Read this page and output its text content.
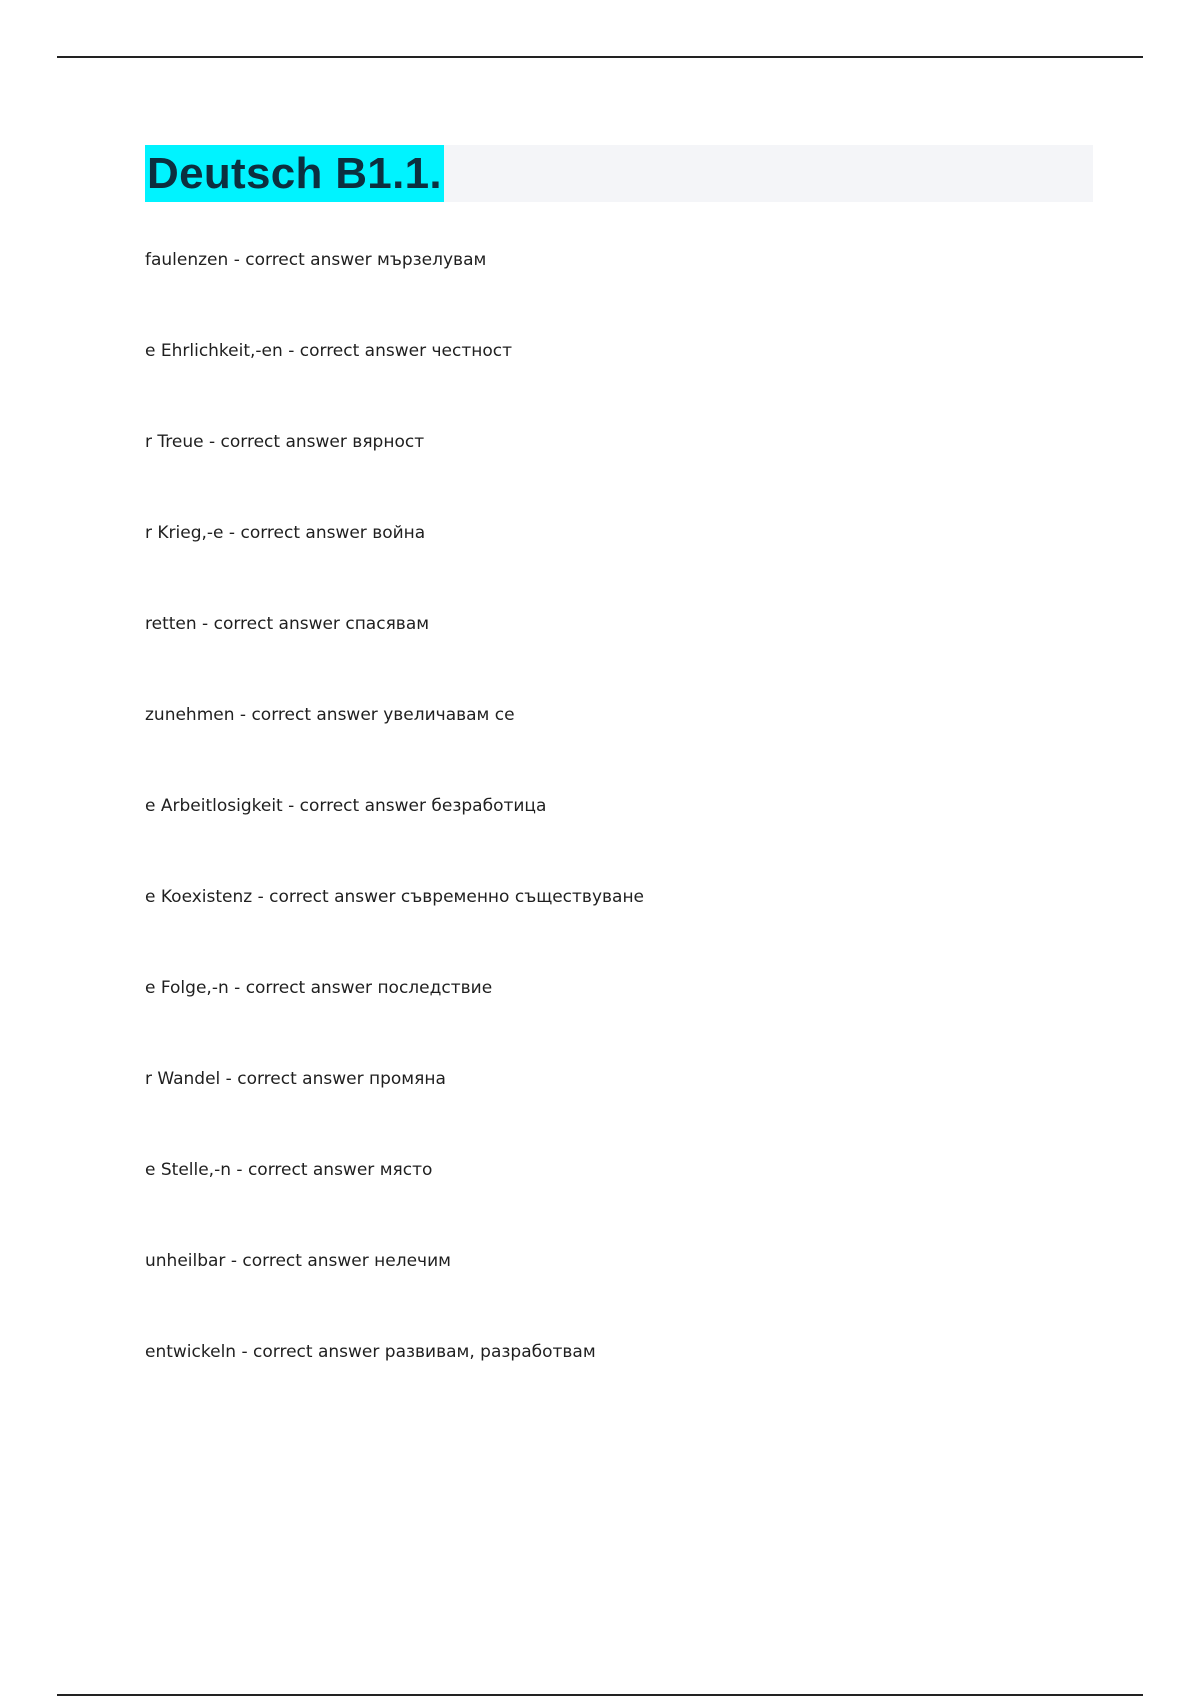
Deutsch B1.1.
faulenzen - correct answer мързелувам
e Ehrlichkeit,-en - correct answer честност
r Treue - correct answer вярност
r Krieg,-e - correct answer война
retten - correct answer спасявам
zunehmen - correct answer увеличавам се
e Arbeitlosigkeit - correct answer безработица
e Koexistenz - correct answer съвременно съществуване
e Folge,-n - correct answer последствие
r Wandel - correct answer промяна
e Stelle,-n - correct answer място
unheilbar - correct answer нелечим
entwickeln - correct answer развивам, разработвам
